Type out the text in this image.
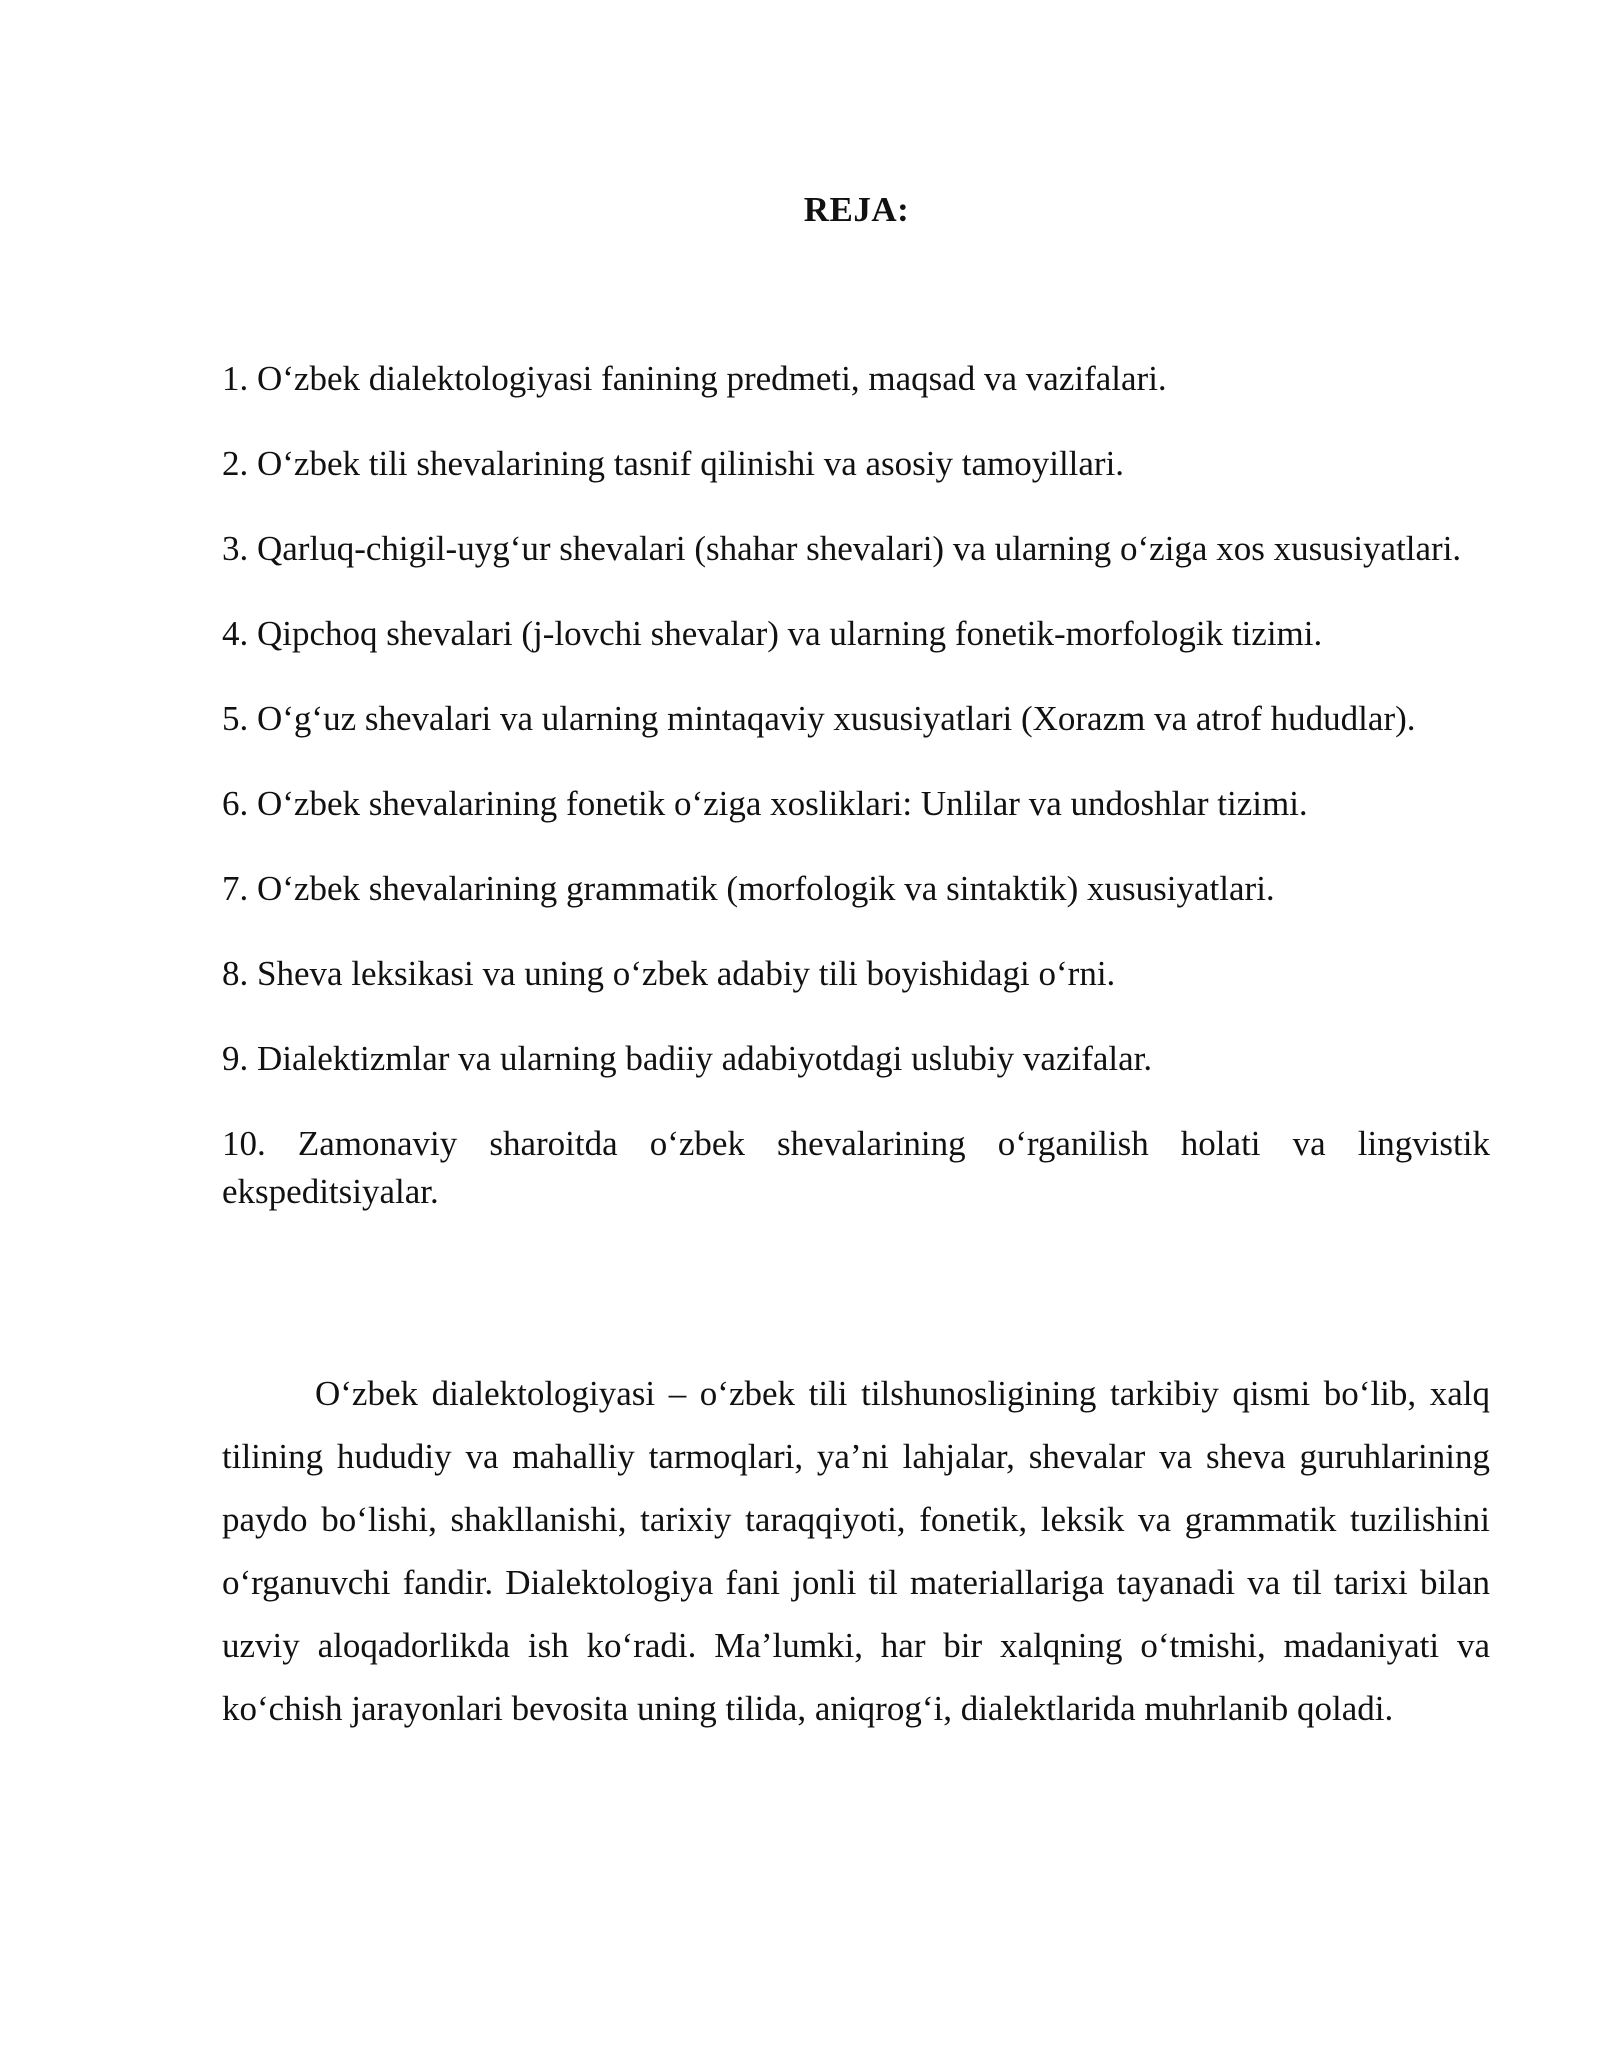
REJA:
1. O‘zbek dialektologiyasi fanining predmeti, maqsad va vazifalari.
2. O‘zbek tili shevalarining tasnif qilinishi va asosiy tamoyillari.
3. Qarluq-chigil-uyg‘ur shevalari (shahar shevalari) va ularning o‘ziga xos xususiyatlari.
4. Qipchoq shevalari (j-lovchi shevalar) va ularning fonetik-morfologik tizimi.
5. O‘g‘uz shevalari va ularning mintaqaviy xususiyatlari (Xorazm va atrof hududlar).
6. O‘zbek shevalarining fonetik o‘ziga xosliklari: Unlilar va undoshlar tizimi.
7. O‘zbek shevalarining grammatik (morfologik va sintaktik) xususiyatlari.
8. Sheva leksikasi va uning o‘zbek adabiy tili boyishidagi o‘rni.
9. Dialektizmlar va ularning badiiy adabiyotdagi uslubiy vazifalar.
10. Zamonaviy sharoitda o‘zbek shevalarining o‘rganilish holati va lingvistik ekspeditsiyalar.

O‘zbek dialektologiyasi – o‘zbek tili tilshunosligining tarkibiy qismi bo‘lib, xalq tilining hududiy va mahalliy tarmoqlari, ya’ni lahjalar, shevalar va sheva guruhlarining paydo bo‘lishi, shakllanishi, tarixiy taraqqiyoti, fonetik, leksik va grammatik tuzilishini o‘rganuvchi fandir. Dialektologiya fani jonli til materiallariga tayanadi va til tarixi bilan uzviy aloqadorlikda ish ko‘radi. Ma’lumki, har bir xalqning o‘tmishi, madaniyati va ko‘chish jarayonlari bevosita uning tilida, aniqrog‘i, dialektlarida muhrlanib qoladi.
